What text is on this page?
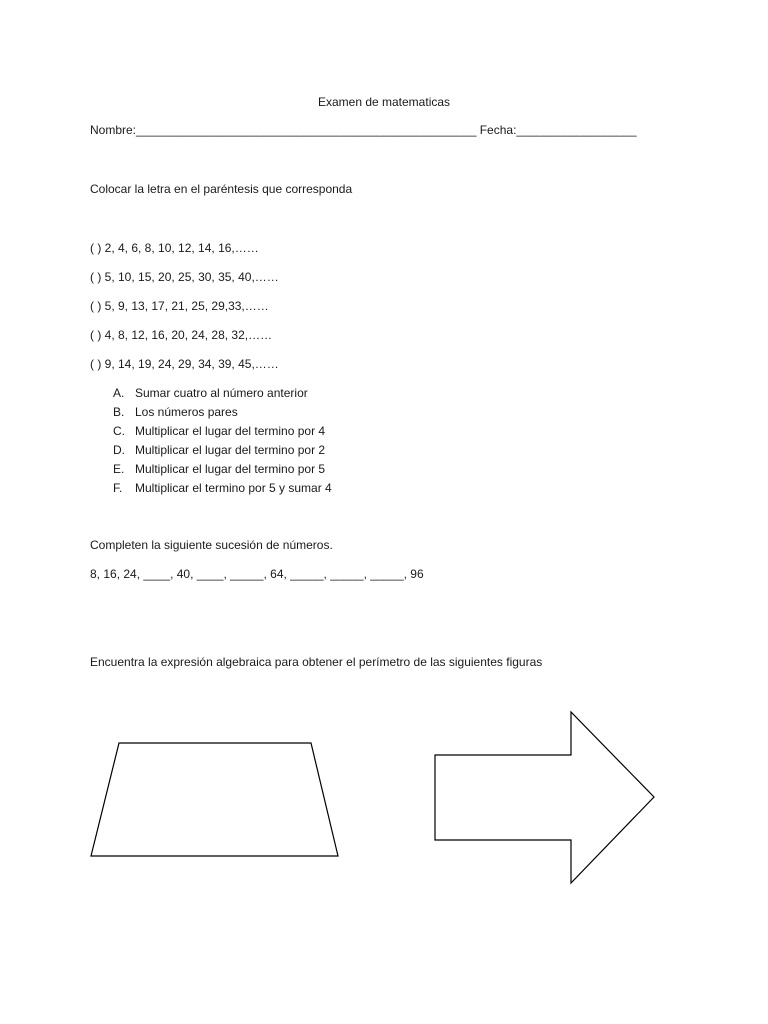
Examen de matematicas
Nombre:___________________________________________________ Fecha:__________________
Colocar la letra en el paréntesis que corresponda
( ) 2, 4, 6, 8, 10, 12, 14, 16,……
( ) 5, 10, 15, 20, 25, 30, 35, 40,……
( ) 5, 9, 13, 17, 21, 25, 29,33,……
( ) 4, 8, 12, 16, 20, 24, 28, 32,……
( ) 9, 14, 19, 24, 29, 34, 39, 45,……
A. Sumar cuatro al número anterior
B. Los números pares
C. Multiplicar el lugar del termino por 4
D. Multiplicar el lugar del termino por 2
E. Multiplicar el lugar del termino por 5
F.	Multiplicar el termino por 5 y sumar 4
Completen la siguiente sucesión de números.
8, 16, 24, ____, 40, ____, _____, 64, _____, _____, _____, 96
Encuentra la expresión algebraica para obtener el perímetro de las siguientes figuras
